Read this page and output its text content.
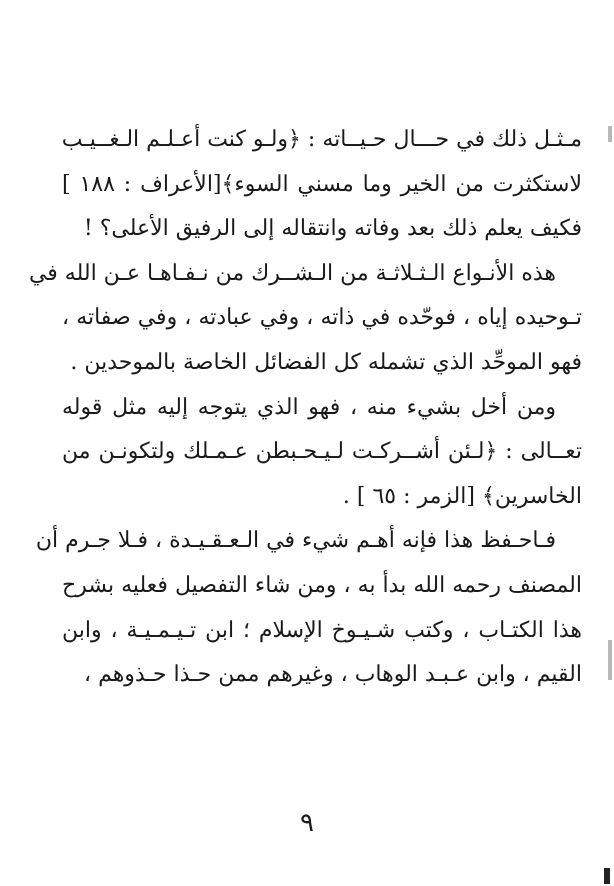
مـثـل ذلك في حـــال حـيــاته : ﴿ولـو كنت أعـلـم الـغــيـب
لاستكثرت من الخير وما مسني السوء﴾[الأعراف : ١٨٨ ]
فكيف يعلم ذلك بعد وفاته وانتقاله إلى الرفيق الأعلى؟ !
هذه الأنـواع الـثـلاثـة من الـشــرك من نـفـاهـا عـن الله في
تـوحيده إياه ، فوحّده في ذاته ، وفي عبادته ، وفي صفاته ،
فهو الموحِّد الذي تشمله كل الفضائل الخاصة بالموحدين .
ومن أخل بشيء منه ، فهو الذي يتوجه إليه مثل قوله
تعــالى : ﴿لـئن أشــركـت لـيـحـبطن عـمـلك ولتكونـن من
الخاسرين﴾ [الزمر : ٦٥ ] .
فـاحـفظ هذا فإنه أهـم شيء في الـعـقـيـدة ، فـلا جـرم أن
المصنف رحمه الله بدأ به ، ومن شاء التفصيل فعليه بشرح
هذا الكتـاب ، وكتب شـيـوخ الإسلام ؛ ابن تـيـمـيـة ، وابن
القيم ، وابن عـبـد الوهاب ، وغيرهم ممن حـذا حـذوهم ،
٩
